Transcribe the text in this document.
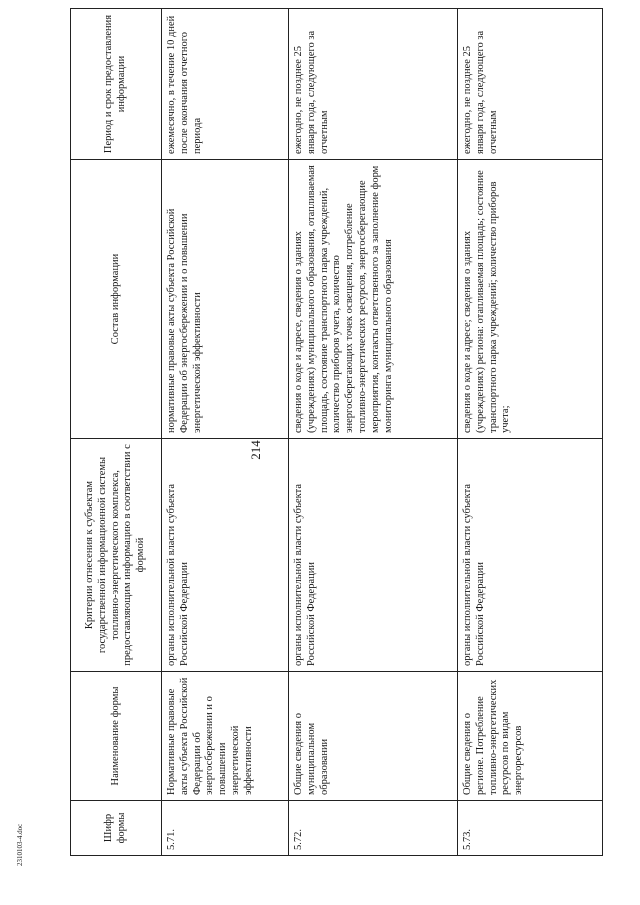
214
Шифр формы	Наименование формы	Критерии отнесения к субъектам государственной информационной системы топливно-энергетического комплекса, предоставляющим информацию в соответствии с формой	Состав информации	Период и срок предоставления информации
5.71.	Нормативные правовые акты субъекта Российской Федерации об энергосбережении и о повышении энергетической эффективности	органы исполнительной власти субъекта Российской Федерации	нормативные правовые акты субъекта Российской Федерации об энергосбережении и о повышении энергетической эффективности	ежемесячно, в течение 10 дней после окончания отчетного периода
5.72.	Общие сведения о муниципальном образовании	органы исполнительной власти субъекта Российской Федерации	сведения о коде и адресе, сведения о зданиях (учреждениях) муниципального образования, отапливаемая площадь, состояние транспортного парка учреждений, количество приборов учета, количество энергосберегающих точек освещения, потребление топливно-энергетических ресурсов, энергосберегающие мероприятия, контакты ответственного за заполнение форм мониторинга муниципального образования	ежегодно, не позднее 25 января года, следующего за отчетным
5.73.	Общие сведения о регионе. Потребление топливно-энергетических ресурсов по видам энергоресурсов	органы исполнительной власти субъекта Российской Федерации	сведения о коде и адресе; сведения о зданиях (учреждениях) региона: отапливаемая площадь; состояние транспортного парка учреждений; количество приборов учета;	ежегодно, не позднее 25 января года, следующего за отчетным
2310103-4.doc
